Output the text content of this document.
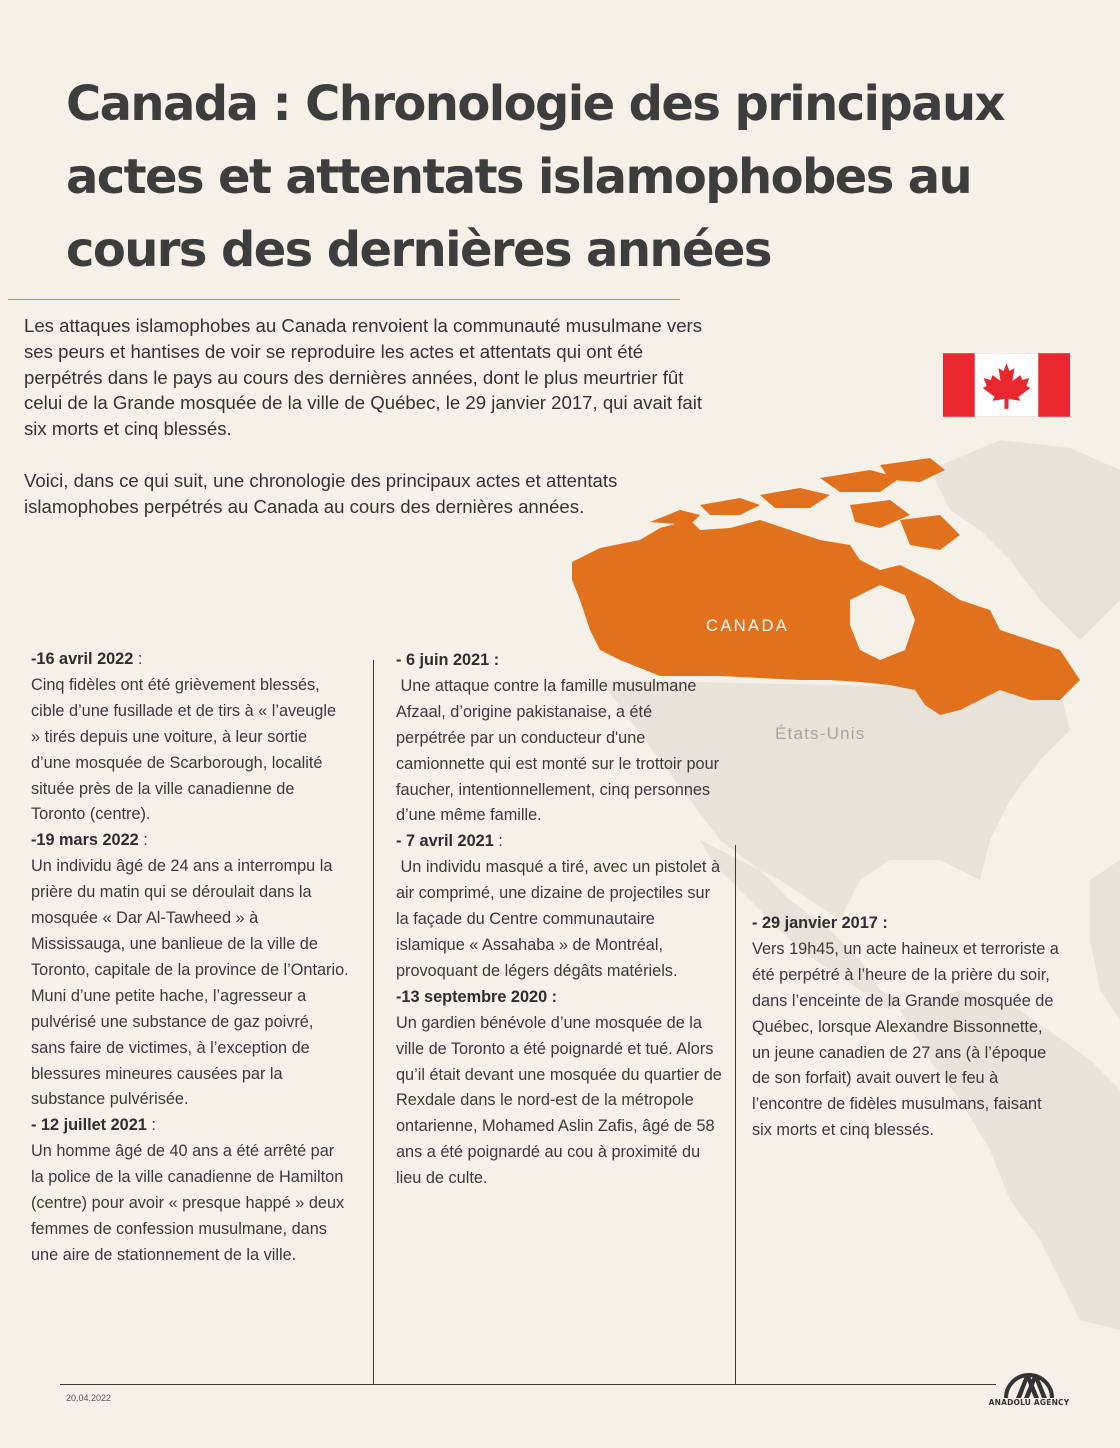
Canada : Chronologie des principaux actes et attentats islamophobes au cours des dernières années

Les attaques islamophobes au Canada renvoient la communauté musulmane vers ses peurs et hantises de voir se reproduire les actes et attentats qui ont été perpétrés dans le pays au cours des dernières années, dont le plus meurtrier fût celui de la Grande mosquée de la ville de Québec, le 29 janvier 2017, qui avait fait six morts et cinq blessés.

Voici, dans ce qui suit, une chronologie des principaux actes et attentats islamophobes perpétrés au Canada au cours des dernières années.

CANADA
États-Unis
-16 avril 2022 :
Cinq fidèles ont été grièvement blessés, cible d’une fusillade et de tirs à « l’aveugle » tirés depuis une voiture, à leur sortie d’une mosquée de Scarborough, localité située près de la ville canadienne de Toronto (centre).
-19 mars 2022 :
Un individu âgé de 24 ans a interrompu la prière du matin qui se déroulait dans la mosquée « Dar Al-Tawheed » à Mississauga, une banlieue de la ville de Toronto, capitale de la province de l’Ontario. Muni d’une petite hache, l’agresseur a pulvérisé une substance de gaz poivré, sans faire de victimes, à l’exception de blessures mineures causées par la substance pulvérisée.
- 12 juillet 2021 :
Un homme âgé de 40 ans a été arrêté par la police de la ville canadienne de Hamilton (centre) pour avoir « presque happé » deux femmes de confession musulmane, dans une aire de stationnement de la ville.
- 6 juin 2021 :
Une attaque contre la famille musulmane Afzaal, d’origine pakistanaise, a été perpétrée par un conducteur d'une camionnette qui est monté sur le trottoir pour faucher, intentionnellement, cinq personnes d’une même famille.
- 7 avril 2021 :
Un individu masqué a tiré, avec un pistolet à air comprimé, une dizaine de projectiles sur la façade du Centre communautaire islamique « Assahaba » de Montréal, provoquant de légers dégâts matériels.
-13 septembre 2020 :
Un gardien bénévole d’une mosquée de la ville de Toronto a été poignardé et tué. Alors qu’il était devant une mosquée du quartier de Rexdale dans le nord-est de la métropole ontarienne, Mohamed Aslin Zafis, âgé de 58 ans a été poignardé au cou à proximité du lieu de culte.
- 29 janvier 2017 :
Vers 19h45, un acte haineux et terroriste a été perpétré à l’heure de la prière du soir, dans l’enceinte de la Grande mosquée de Québec, lorsque Alexandre Bissonnette, un jeune canadien de 27 ans (à l’époque de son forfait) avait ouvert le feu à l’encontre de fidèles musulmans, faisant six morts et cinq blessés.
20.04.2022	ANADOLU AGENCY
